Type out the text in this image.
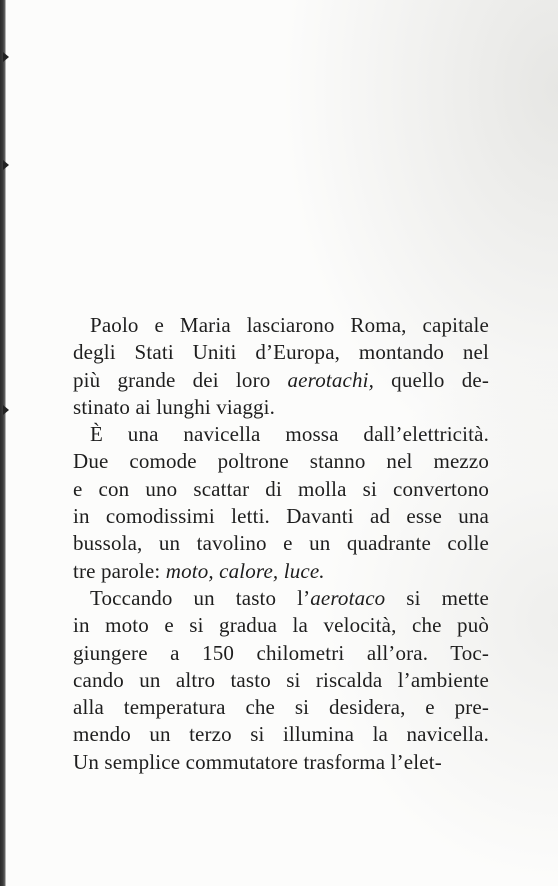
Paolo e Maria lasciarono Roma, capitale
degli Stati Uniti d’Europa, montando nel
più grande dei loro aerotachi, quello de-
stinato ai lunghi viaggi.
È una navicella mossa dall’elettricità.
Due comode poltrone stanno nel mezzo
e con uno scattar di molla si convertono
in comodissimi letti. Davanti ad esse una
bussola, un tavolino e un quadrante colle
tre parole: moto, calore, luce.
Toccando un tasto l’aerotaco si mette
in moto e si gradua la velocità, che può
giungere a 150 chilometri all’ora. Toc-
cando un altro tasto si riscalda l’ambiente
alla temperatura che si desidera, e pre-
mendo un terzo si illumina la navicella.
Un semplice commutatore trasforma l’elet-
